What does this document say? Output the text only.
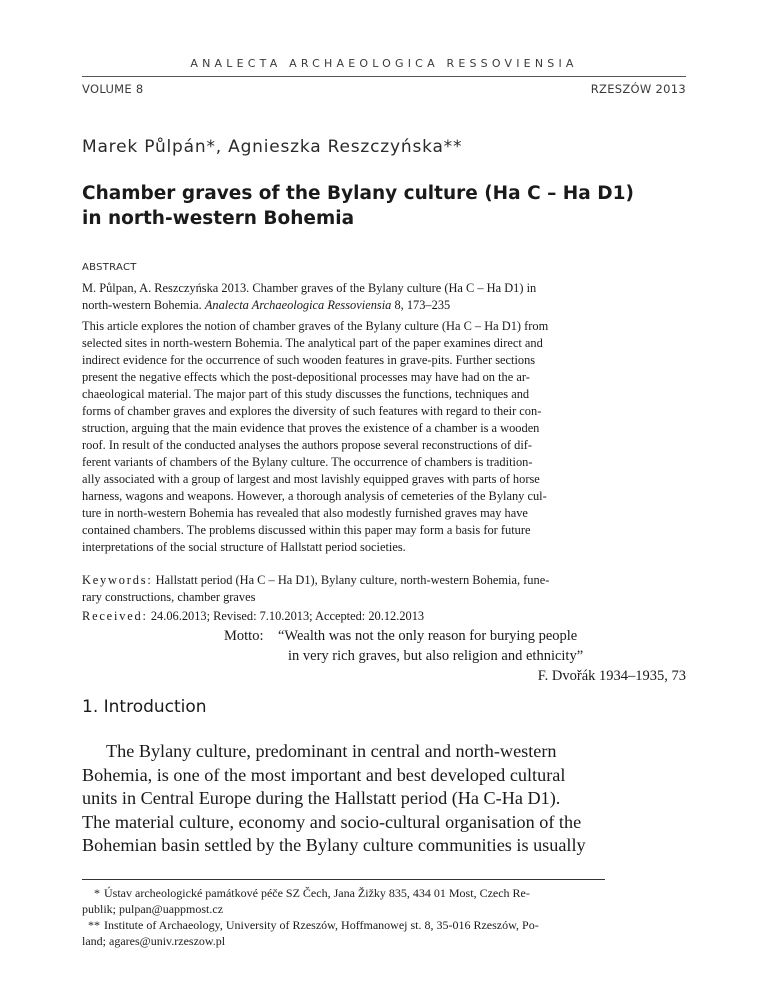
ANALECTA ARCHAEOLOGICA RESSOVIENSIA
VOLUME 8	RZESZÓW 2013
Marek Půlpán*, Agnieszka Reszczyńska**
Chamber graves of the Bylany culture (Ha C – Ha D1)
in north-western Bohemia
ABSTRACT
M. Půlpan, A. Reszczyńska 2013. Chamber graves of the Bylany culture (Ha C – Ha D1) in
north-western Bohemia. Analecta Archaeologica Ressoviensia 8, 173–235
This article explores the notion of chamber graves of the Bylany culture (Ha C – Ha D1) from
selected sites in north-western Bohemia. The analytical part of the paper examines direct and
indirect evidence for the occurrence of such wooden features in grave-pits. Further sections
present the negative effects which the post-depositional processes may have had on the ar-
chaeological material. The major part of this study discusses the functions, techniques and
forms of chamber graves and explores the diversity of such features with regard to their con-
struction, arguing that the main evidence that proves the existence of a chamber is a wooden
roof. In result of the conducted analyses the authors propose several reconstructions of dif-
ferent variants of chambers of the Bylany culture. The occurrence of chambers is tradition-
ally associated with a group of largest and most lavishly equipped graves with parts of horse
harness, wagons and weapons. However, a thorough analysis of cemeteries of the Bylany cul-
ture in north-western Bohemia has revealed that also modestly furnished graves may have
contained chambers. The problems discussed within this paper may form a basis for future
interpretations of the social structure of Hallstatt period societies.
Keywords: Hallstatt period (Ha C – Ha D1), Bylany culture, north-western Bohemia, fune-
rary constructions, chamber graves
Received: 24.06.2013; Revised: 7.10.2013; Accepted: 20.12.2013
Motto: “Wealth was not the only reason for burying people
in very rich graves, but also religion and ethnicity”
F. Dvořák 1934–1935, 73
1. Introduction
The Bylany culture, predominant in central and north-western
Bohemia, is one of the most important and best developed cultural
units in Central Europe during the Hallstatt period (Ha C-Ha D1).
The material culture, economy and socio-cultural organisation of the
Bohemian basin settled by the Bylany culture communities is usually
* Ústav archeologické památkové péče SZ Čech, Jana Žižky 835, 434 01 Most, Czech Re-
publik; pulpan@uappmost.cz
** Institute of Archaeology, University of Rzeszów, Hoffmanowej st. 8, 35-016 Rzeszów, Po-
land; agares@univ.rzeszow.pl
